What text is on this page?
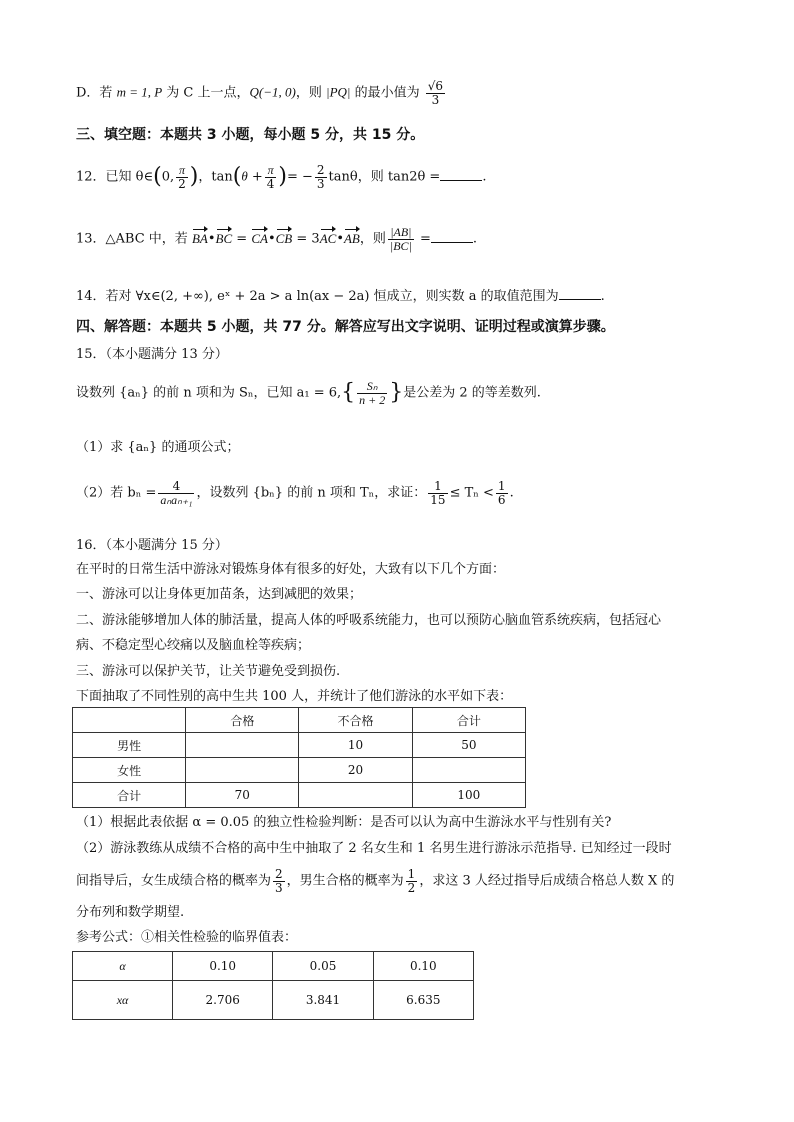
D．若 m = 1, P 为 C 上一点，Q(−1, 0)，则 |PQ| 的最小值为 $\frac{√6}{3}$
三、填空题：本题共 3 小题，每小题 5 分，共 15 分。
12．已知 θ∈(0, $\frac{\pi}{2}$ )，$\tan(\theta + \frac{\pi}{4}$ )= − $\frac{2}{3}$ tanθ，则 tan2θ =	.
13．△ABC 中，若 BA•BC = CA•CB = 3AC•AB，则 $\frac{|AB|}{|BC|}$ =	.
14．若对 ∀x∈(2, +∞), eˣ + 2a > a ln(ax − 2a) 恒成立，则实数 a 的取值范围为	.
四、解答题：本题共 5 小题，共 77 分。解答应写出文字说明、证明过程或演算步骤。
15．（本小题满分 13 分）
设数列 {aₙ} 的前 n 项和为 Sₙ，已知 $a_1 = 6,\{ \frac{\text{Sₙ}}{n + 2}$ }是公差为 2 的等差数列.
（1）求 {aₙ} 的通项公式；
（2）若 $b_n = \frac{4}{\text{aₙaₙ₊₁}}$ ，设数列 {bₙ} 的前 n 项和 Tₙ，求证： $\frac{1}{15} \le T_n < \frac{1}{6}$ .
16．（本小题满分 15 分）
在平时的日常生活中游泳对锻炼身体有很多的好处，大致有以下几个方面：
一、游泳可以让身体更加苗条，达到减肥的效果；
二、游泳能够增加人体的肺活量，提高人体的呼吸系统能力，也可以预防心脑血管系统疾病，包括冠心
病、不稳定型心绞痛以及脑血栓等疾病；
三、游泳可以保护关节，让关节避免受到损伤.
下面抽取了不同性别的高中生共 100 人，并统计了他们游泳的水平如下表：
	合格	不合格	合计
男性		10	50
女性		20	
合计	70		100
（1）根据此表依据 α = 0.05 的独立性检验判断：是否可以认为高中生游泳水平与性别有关?
（2）游泳教练从成绩不合格的高中生中抽取了 2 名女生和 1 名男生进行游泳示范指导. 已知经过一段时
间指导后，女生成绩合格的概率为 $\frac{2}{3}$ ，男生合格的概率为 $\frac{1}{2}$ ，求这 3 人经过指导后成绩合格总人数 X 的
分布列和数学期望.
参考公式：①相关性检验的临界值表：
α	0.10	0.05	0.10
xα	2.706	3.841	6.635
